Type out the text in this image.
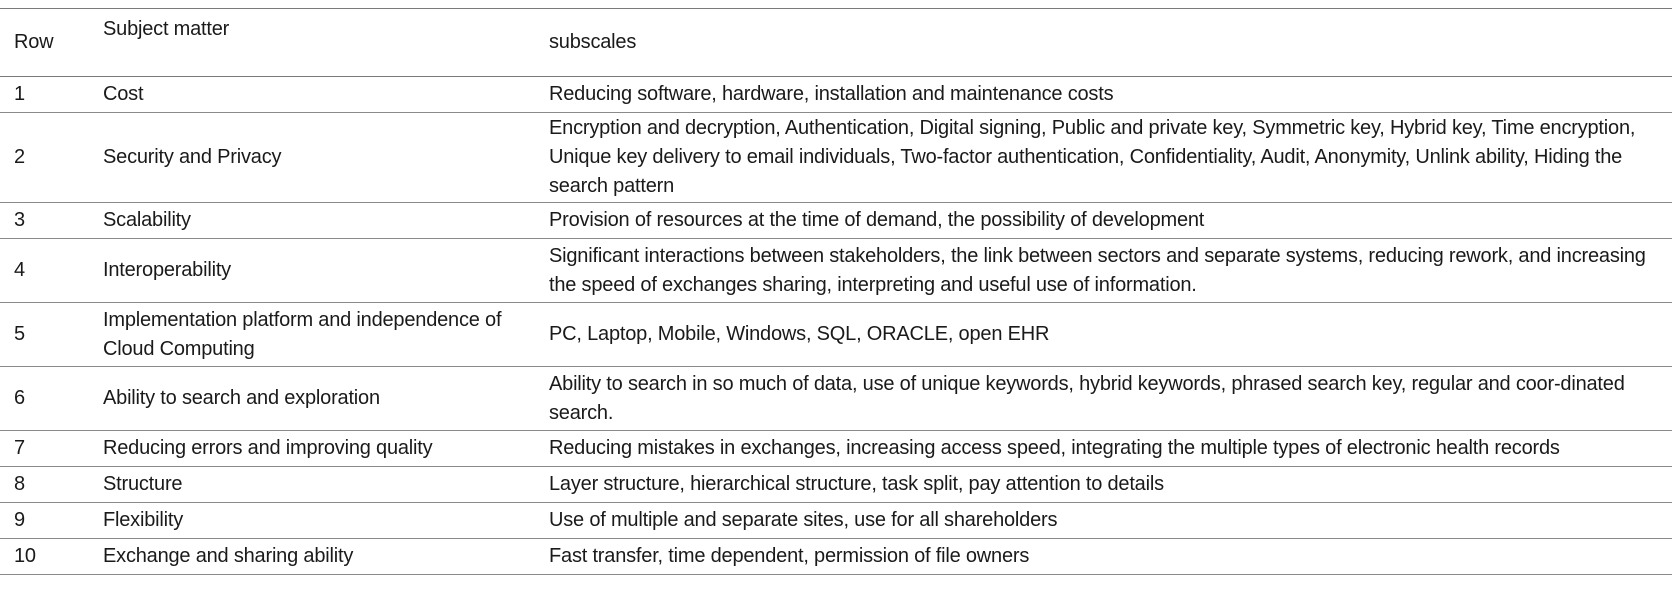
Row	Subject matter	subscales
1	Cost	Reducing software, hardware, installation and maintenance costs
2	Security and Privacy	Encryption and decryption, Authentication, Digital signing, Public and private key, Symmetric key, Hybrid key, Time encryption, Unique key delivery to email individuals, Two-factor authentication, Confidentiality, Audit, Anonymity, Unlink ability, Hiding the search pattern
3	Scalability	Provision of resources at the time of demand, the possibility of development
4	Interoperability	Significant interactions between stakeholders, the link between sectors and separate systems, reducing rework, and increasing the speed of exchanges sharing, interpreting and useful use of information.
5	Implementation platform and independence of Cloud Computing	PC, Laptop, Mobile, Windows, SQL, ORACLE, open EHR
6	Ability to search and exploration	Ability to search in so much of data, use of unique keywords, hybrid keywords, phrased search key, regular and coor-dinated search.
7	Reducing errors and improving quality	Reducing mistakes in exchanges, increasing access speed, integrating the multiple types of electronic health records
8	Structure	Layer structure, hierarchical structure, task split, pay attention to details
9	Flexibility	Use of multiple and separate sites, use for all shareholders
10	Exchange and sharing ability	Fast transfer, time dependent, permission of file owners
